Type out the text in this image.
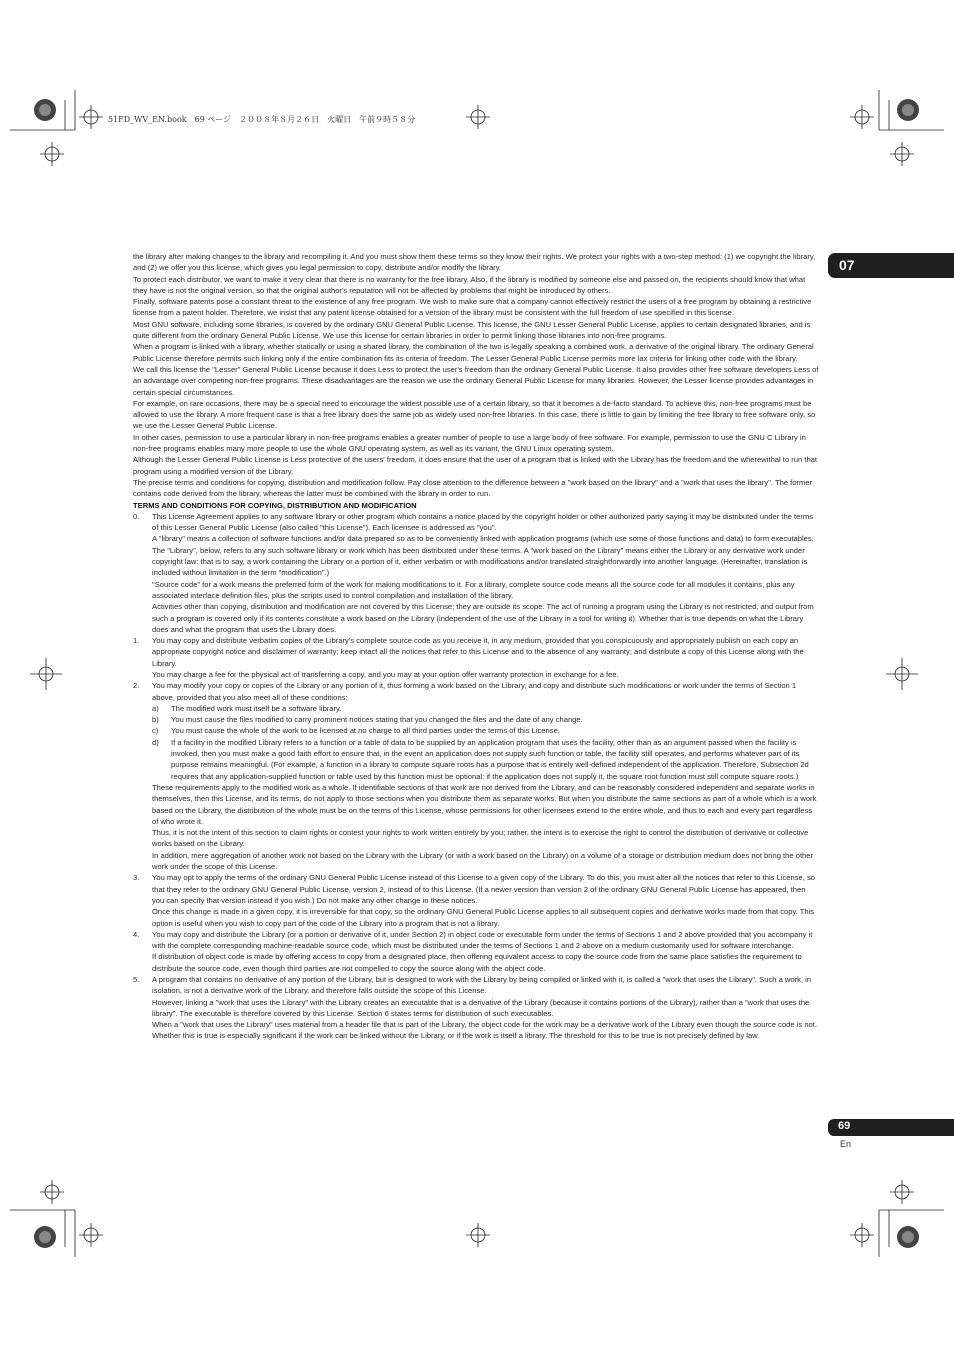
51FD_WV_EN.book　69 ページ　２００８年８月２６日　火曜日　午前９時５８分
07

the library after making changes to the library and recompiling it. And you must show them these terms so they know their rights. We protect your rights with a two-step method: (1) we copyright the library, and (2) we offer you this license, which gives you legal permission to copy, distribute and/or modify the library.

To protect each distributor, we want to make it very clear that there is no warranty for the free library. Also, if the library is modified by someone else and passed on, the recipients should know that what they have is not the original version, so that the original author's reputation will not be affected by problems that might be introduced by others.

Finally, software patents pose a constant threat to the existence of any free program. We wish to make sure that a company cannot effectively restrict the users of a free program by obtaining a restrictive license from a patent holder. Therefore, we insist that any patent license obtained for a version of the library must be consistent with the full freedom of use specified in this license.

Most GNU software, including some libraries, is covered by the ordinary GNU General Public License. This license, the GNU Lesser General Public License, applies to certain designated libraries, and is quite different from the ordinary General Public License. We use this license for certain libraries in order to permit linking those libraries into non-free programs.

When a program is linked with a library, whether statically or using a shared library, the combination of the two is legally speaking a combined work, a derivative of the original library. The ordinary General Public License therefore permits such linking only if the entire combination fits its criteria of freedom. The Lesser General Public License permits more lax criteria for linking other code with the library.

We call this license the "Lesser" General Public License because it does Less to protect the user's freedom than the ordinary General Public License. It also provides other free software developers Less of an advantage over competing non-free programs. These disadvantages are the reason we use the ordinary General Public License for many libraries. However, the Lesser license provides advantages in certain special circumstances.

For example, on rare occasions, there may be a special need to encourage the widest possible use of a certain library, so that it becomes a de-facto standard. To achieve this, non-free programs must be allowed to use the library. A more frequent case is that a free library does the same job as widely used non-free libraries. In this case, there is little to gain by limiting the free library to free software only, so we use the Lesser General Public License.

In other cases, permission to use a particular library in non-free programs enables a greater number of people to use a large body of free software. For example, permission to use the GNU C Library in non-free programs enables many more people to use the whole GNU operating system, as well as its variant, the GNU Linux operating system.

Although the Lesser General Public License is Less protective of the users' freedom, it does ensure that the user of a program that is linked with the Library has the freedom and the wherewithal to run that program using a modified version of the Library.

The precise terms and conditions for copying, distribution and modification follow. Pay close attention to the difference between a "work based on the library" and a "work that uses the library". The former contains code derived from the library, whereas the latter must be combined with the library in order to run.

TERMS AND CONDITIONS FOR COPYING, DISTRIBUTION AND MODIFICATION

0. This License Agreement applies to any software library or other program which contains a notice placed by the copyright holder or other authorized party saying it may be distributed under the terms of this Lesser General Public License (also called "this License"). Each licensee is addressed as "you".
A "library" means a collection of software functions and/or data prepared so as to be conveniently linked with application programs (which use some of those functions and data) to form executables.
The "Library", below, refers to any such software library or work which has been distributed under these terms. A "work based on the Library" means either the Library or any derivative work under copyright law: that is to say, a work containing the Library or a portion of it, either verbatim or with modifications and/or translated straightforwardly into another language. (Hereinafter, translation is included without limitation in the term "modification".)
"Source code" for a work means the preferred form of the work for making modifications to it. For a library, complete source code means all the source code for all modules it contains, plus any associated interface definition files, plus the scripts used to control compilation and installation of the library.
Activities other than copying, distribution and modification are not covered by this License; they are outside its scope. The act of running a program using the Library is not restricted, and output from such a program is covered only if its contents constitute a work based on the Library (independent of the use of the Library in a tool for writing it). Whether that is true depends on what the Library does and what the program that uses the Library does.
1. You may copy and distribute verbatim copies of the Library's complete source code as you receive it, in any medium, provided that you conspicuously and appropriately publish on each copy an appropriate copyright notice and disclaimer of warranty; keep intact all the notices that refer to this License and to the absence of any warranty; and distribute a copy of this License along with the Library.
You may charge a fee for the physical act of transferring a copy, and you may at your option offer warranty protection in exchange for a fee.
2. You may modify your copy or copies of the Library or any portion of it, thus forming a work based on the Library, and copy and distribute such modifications or work under the terms of Section 1 above, provided that you also meet all of these conditions:
a) The modified work must itself be a software library.
b) You must cause the files modified to carry prominent notices stating that you changed the files and the date of any change.
c) You must cause the whole of the work to be licensed at no charge to all third parties under the terms of this License.
d) If a facility in the modified Library refers to a function or a table of data to be supplied by an application program that uses the facility, other than as an argument passed when the facility is invoked, then you must make a good faith effort to ensure that, in the event an application does not supply such function or table, the facility still operates, and performs whatever part of its purpose remains meaningful. (For example, a function in a library to compute square roots has a purpose that is entirely well-defined independent of the application. Therefore, Subsection 2d requires that any application-supplied function or table used by this function must be optional: if the application does not supply it, the square root function must still compute square roots.)
These requirements apply to the modified work as a whole. If identifiable sections of that work are not derived from the Library, and can be reasonably considered independent and separate works in themselves, then this License, and its terms, do not apply to those sections when you distribute them as separate works. But when you distribute the same sections as part of a whole which is a work based on the Library, the distribution of the whole must be on the terms of this License, whose permissions for other licensees extend to the entire whole, and thus to each and every part regardless of who wrote it.
Thus, it is not the intent of this section to claim rights or contest your rights to work written entirely by you; rather, the intent is to exercise the right to control the distribution of derivative or collective works based on the Library.
In addition, mere aggregation of another work not based on the Library with the Library (or with a work based on the Library) on a volume of a storage or distribution medium does not bring the other work under the scope of this License.
3. You may opt to apply the terms of the ordinary GNU General Public License instead of this License to a given copy of the Library. To do this, you must alter all the notices that refer to this License, so that they refer to the ordinary GNU General Public License, version 2, instead of to this License. (If a newer version than version 2 of the ordinary GNU General Public License has appeared, then you can specify that version instead if you wish.) Do not make any other change in these notices.
Once this change is made in a given copy, it is irreversible for that copy, so the ordinary GNU General Public License applies to all subsequent copies and derivative works made from that copy. This option is useful when you wish to copy part of the code of the Library into a program that is not a library.
4. You may copy and distribute the Library (or a portion or derivative of it, under Section 2) in object code or executable form under the terms of Sections 1 and 2 above provided that you accompany it with the complete corresponding machine-readable source code, which must be distributed under the terms of Sections 1 and 2 above on a medium customarily used for software interchange.
If distribution of object code is made by offering access to copy from a designated place, then offering equivalent access to copy the source code from the same place satisfies the requirement to distribute the source code, even though third parties are not compelled to copy the source along with the object code.
5. A program that contains no derivative of any portion of the Library, but is designed to work with the Library by being compiled or linked with it, is called a "work that uses the Library". Such a work, in isolation, is not a derivative work of the Library, and therefore falls outside the scope of this License.
However, linking a "work that uses the Library" with the Library creates an executable that is a derivative of the Library (because it contains portions of the Library), rather than a "work that uses the library". The executable is therefore covered by this License. Section 6 states terms for distribution of such executables.
When a "work that uses the Library" uses material from a header file that is part of the Library, the object code for the work may be a derivative work of the Library even though the source code is not. Whether this is true is especially significant if the work can be linked without the Library, or if the work is itself a library. The threshold for this to be true is not precisely defined by law.
69
En
